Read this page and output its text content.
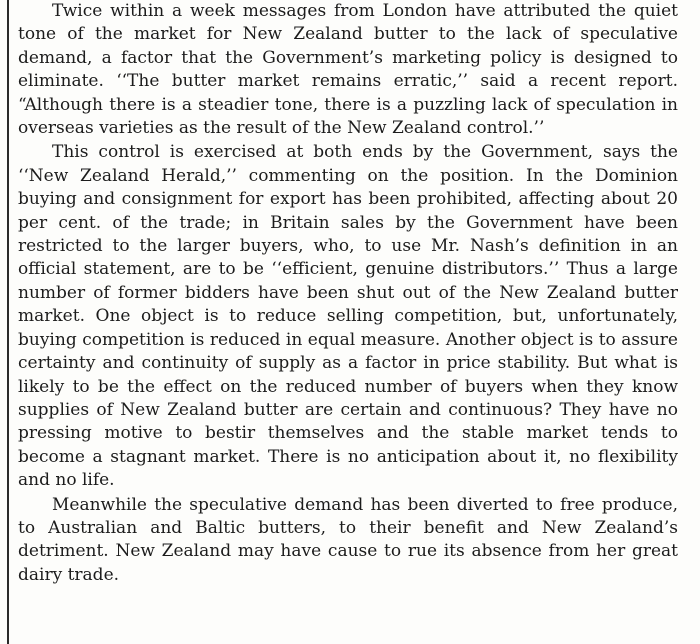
Twice within a week messages from London have attributed the quiet tone of the market for New Zealand butter to the lack of speculative demand, a factor that the Government’s marketing policy is designed to eliminate. ‘‘The butter market remains erratic,’’ said a recent report. “Although there is a steadier tone, there is a puzzling lack of speculation in overseas varieties as the result of the New Zealand control.’’

This control is exercised at both ends by the Government, says the ‘‘New Zealand Herald,’’ commenting on the position. In the Dominion buying and consignment for export has been prohibited, affecting about 20 per cent. of the trade; in Britain sales by the Government have been restricted to the larger buyers, who, to use Mr. Nash’s definition in an official statement, are to be ‘‘efficient, genuine distributors.’’ Thus a large number of former bidders have been shut out of the New Zealand butter market. One object is to reduce selling competition, but, unfortunately, buying competition is reduced in equal measure. Another object is to assure certainty and continuity of supply as a factor in price stability. But what is likely to be the effect on the reduced number of buyers when they know supplies of New Zealand butter are certain and continuous? They have no pressing motive to bestir themselves and the stable market tends to become a stagnant market. There is no anticipation about it, no flexibility and no life.

Meanwhile the speculative demand has been diverted to free produce, to Australian and Baltic butters, to their benefit and New Zealand’s detriment. New Zealand may have cause to rue its absence from her great dairy trade.
